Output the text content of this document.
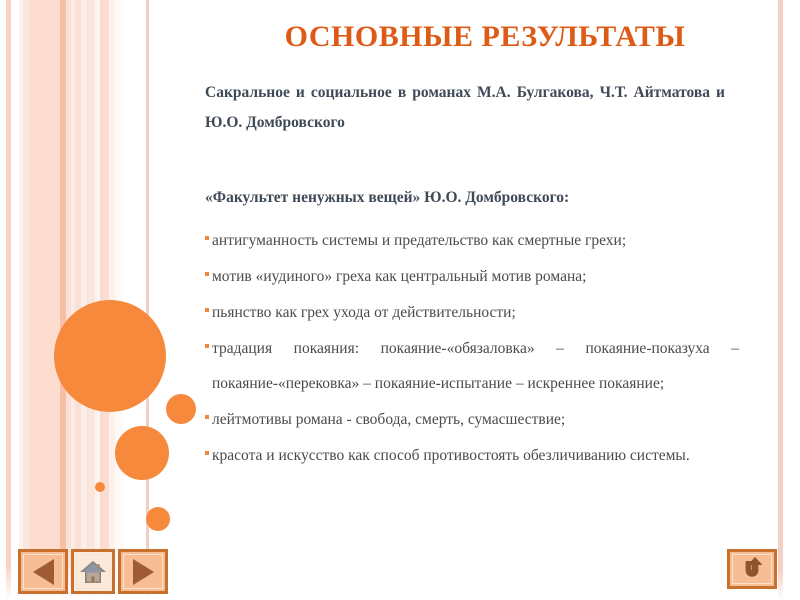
ОСНОВНЫЕ РЕЗУЛЬТАТЫ
Сакральное и социальное в романах М.А. Булгакова, Ч.Т. Айтматова и Ю.О. Домбровского
«Факультет ненужных вещей» Ю.О. Домбровского:
антигуманность системы и предательство как смертные грехи;
мотив «иудиного» греха как центральный мотив романа;
пьянство как грех ухода от действительности;
традация покаяния: покаяние-«обязаловка» – покаяние-показуха – покаяние-«перековка» – покаяние-испытание – искреннее покаяние;
лейтмотивы романа - свобода, смерть, сумасшествие;
красота и искусство как способ противостоять обезличиванию системы.
